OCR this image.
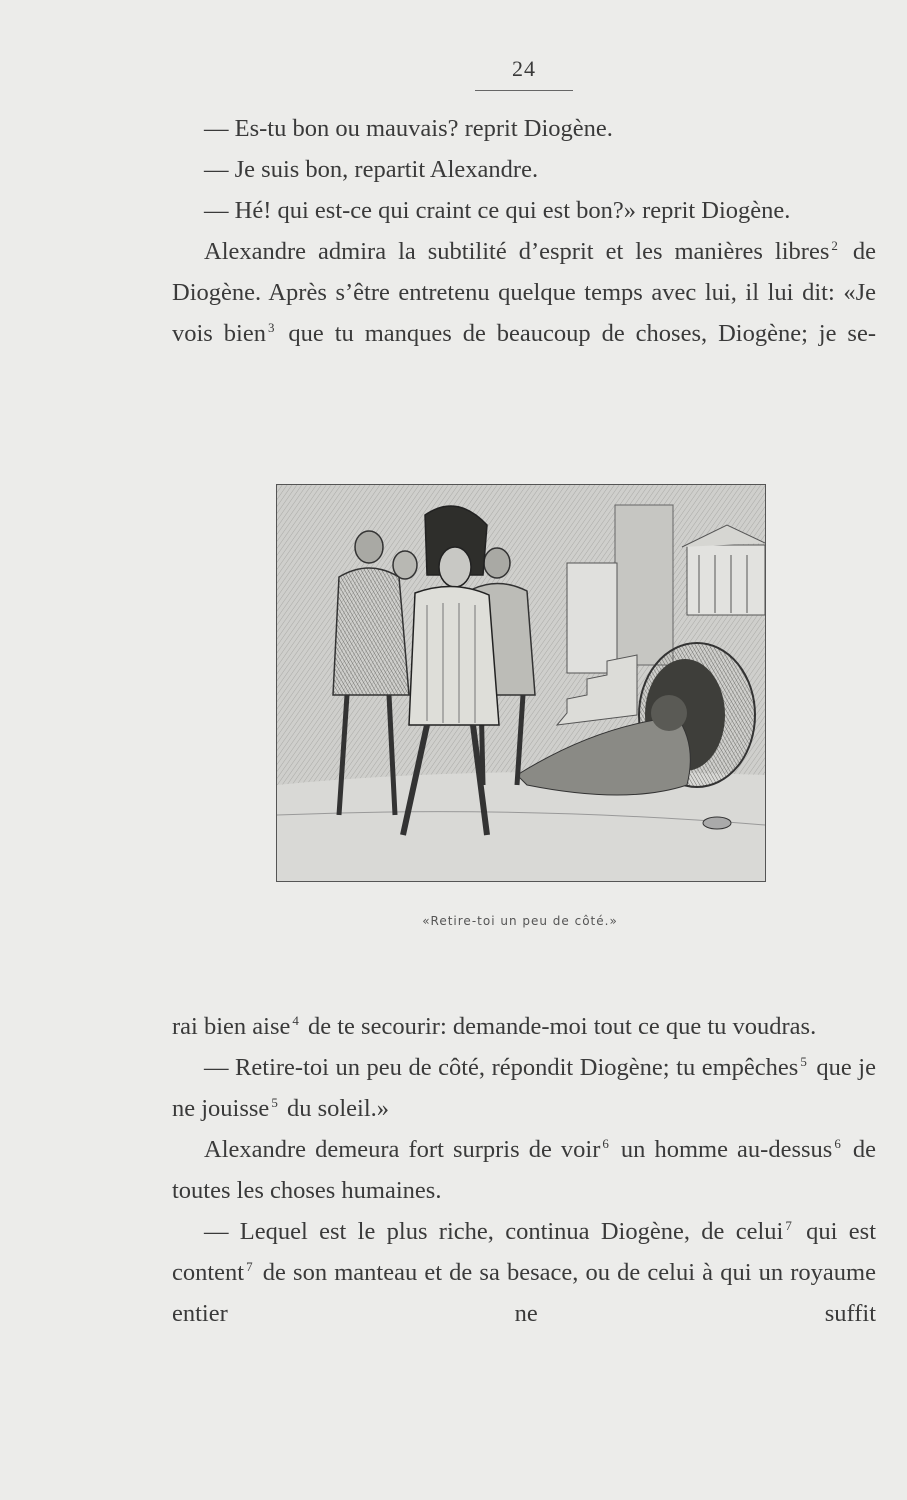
24

— Es-tu bon ou mauvais? reprit Diogène.

— Je suis bon, repartit Alexandre.

— Hé! qui est-ce qui craint ce qui est bon?» reprit Diogène.

Alexandre admira la subtilité d’esprit et les manières libres $^2$ de Diogène. Après s’être entretenu quelque temps avec lui, il lui dit: «Je vois bien $^3$ que tu manques de beaucoup de choses, Diogène; je se-

«Retire-toi un peu de côté.»

rai bien aise $^4$ de te secourir: demande-moi tout ce que tu voudras.

— Retire-toi un peu de côté, répondit Diogène; tu empêches $^5$ que je ne jouisse $^5$ du soleil.»

Alexandre demeura fort surpris de voir $^6$ un homme au-dessus $^6$ de toutes les choses humaines.

— Lequel est le plus riche, continua Diogène, de celui $^7$ qui est content $^7$ de son manteau et de sa besace, ou de celui à qui un royaume entier ne suffit
